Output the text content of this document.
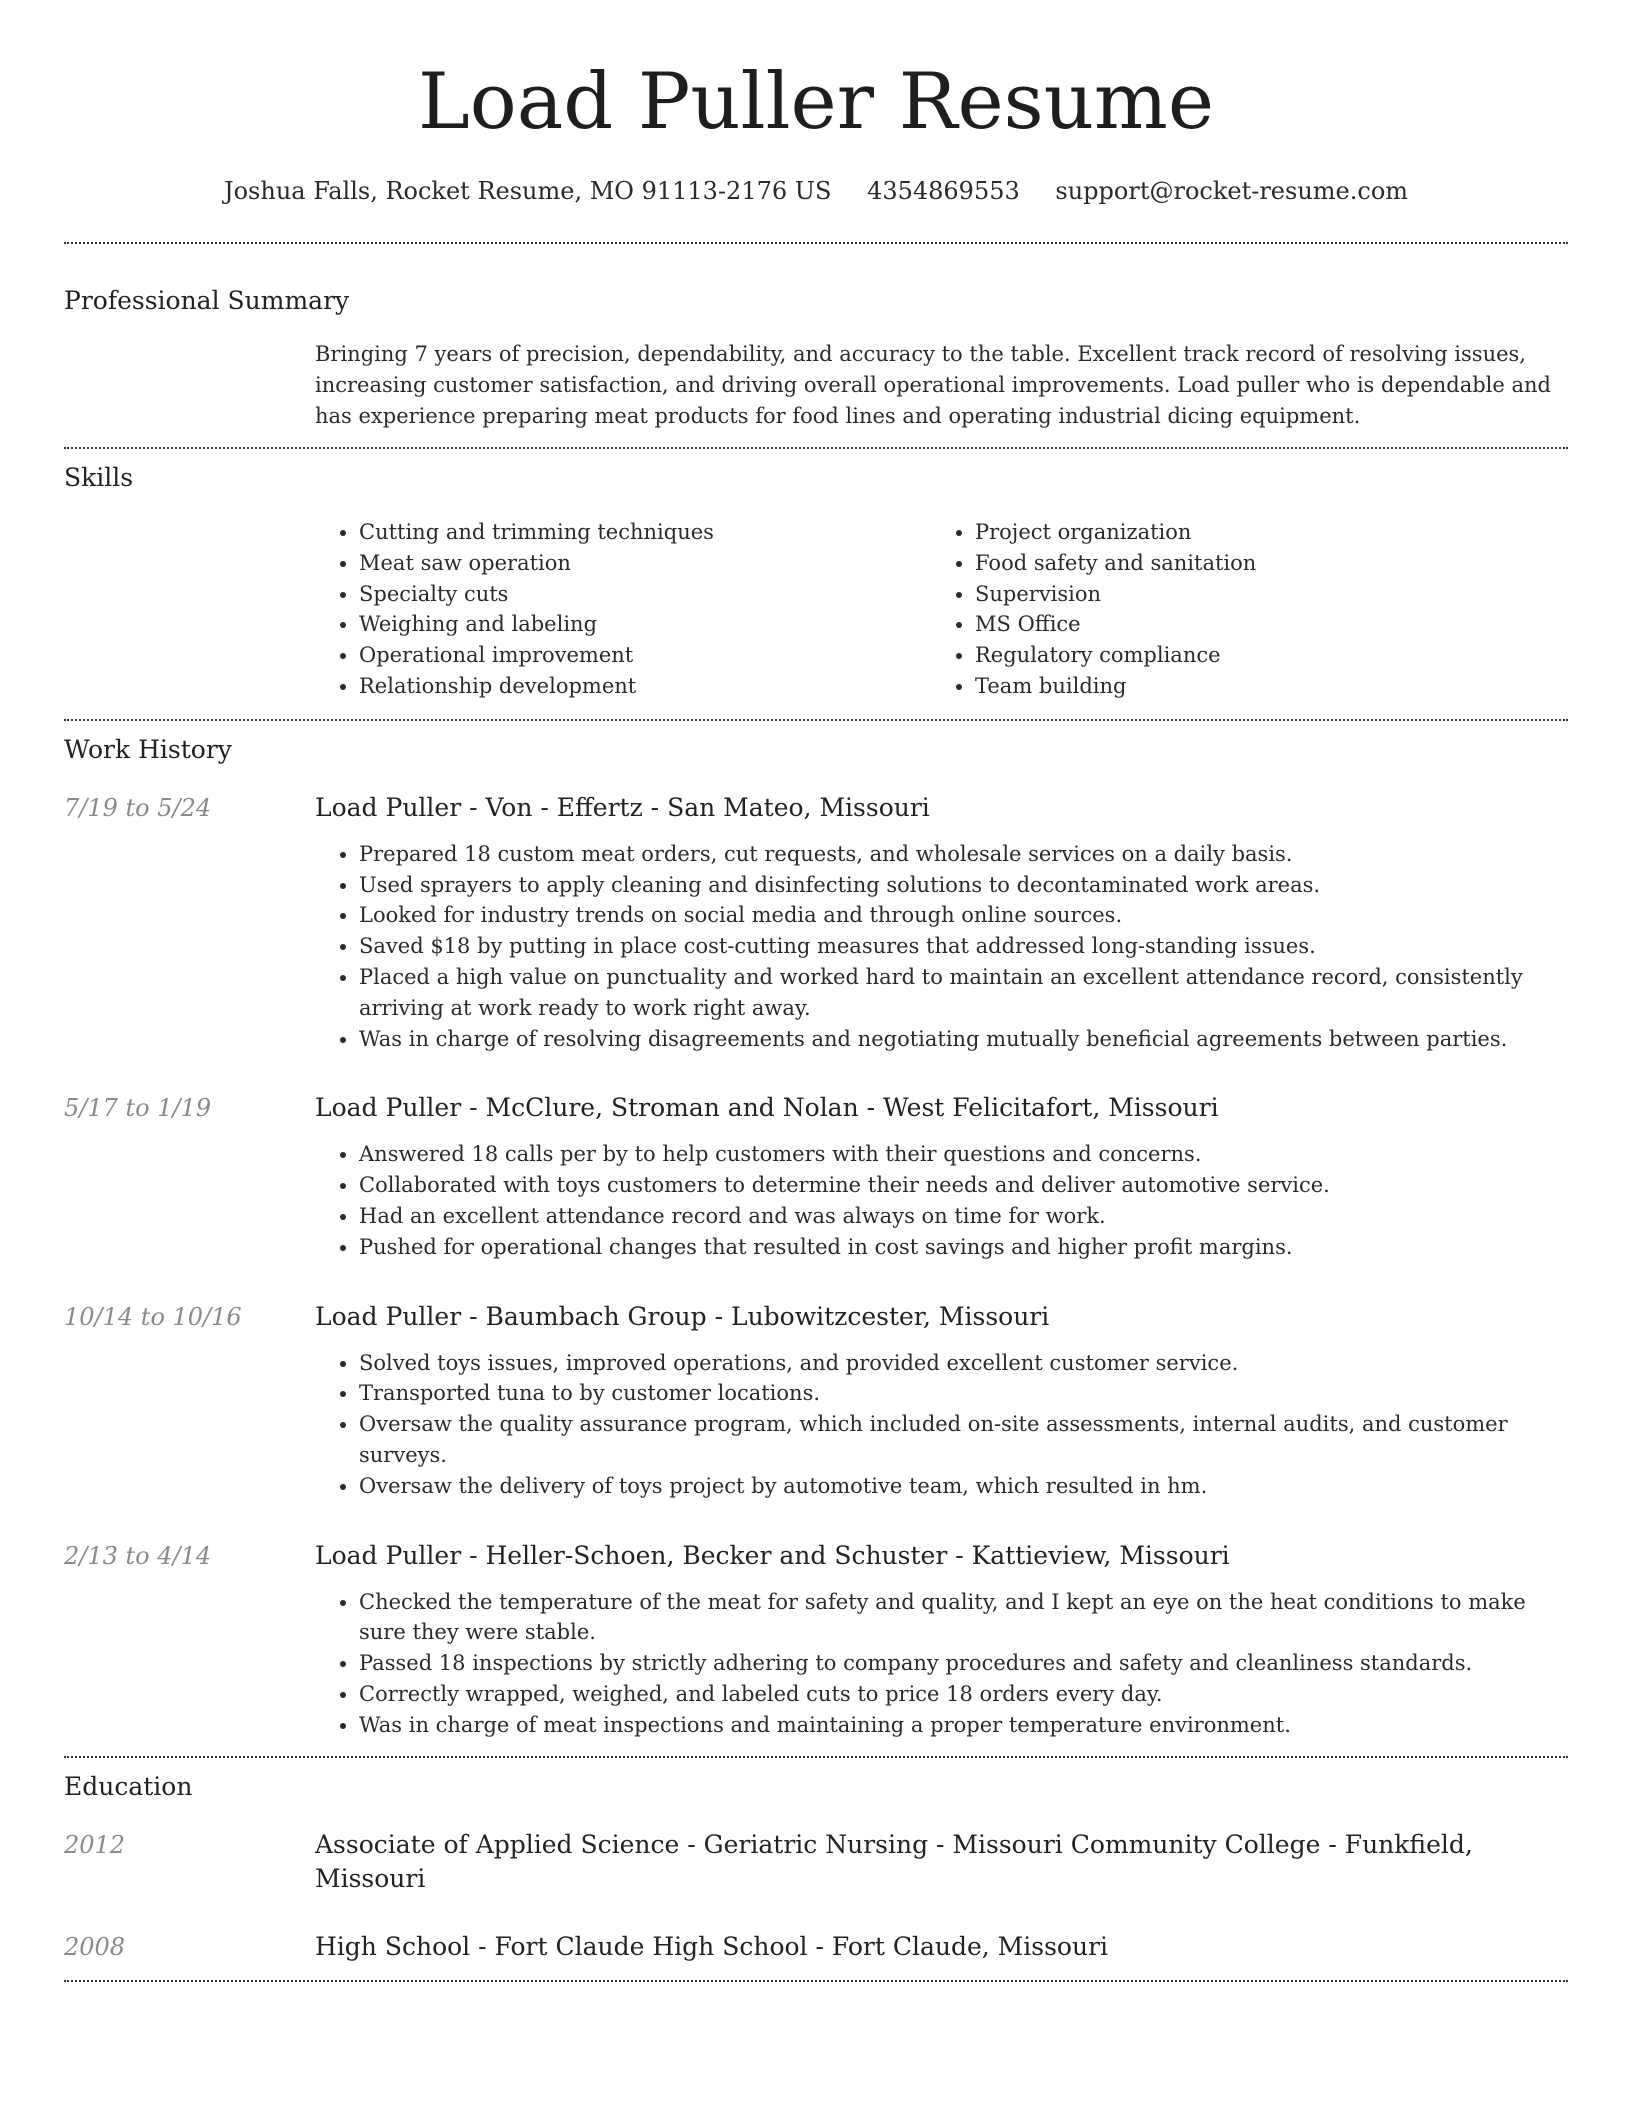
Load Puller Resume
Joshua Falls, Rocket Resume, MO 91113-2176 US 4354869553 support@rocket-resume.com
Professional Summary

Bringing 7 years of precision, dependability, and accuracy to the table. Excellent track record of resolving issues, increasing customer satisfaction, and driving overall operational improvements. Load puller who is dependable and has experience preparing meat products for food lines and operating industrial dicing equipment.

Skills
• Cutting and trimming techniques
• Meat saw operation
• Specialty cuts
• Weighing and labeling
• Operational improvement
• Relationship development
• Project organization
• Food safety and sanitation
• Supervision
• MS Office
• Regulatory compliance
• Team building
Work History
7/19 to 5/24	Load Puller - Von - Effertz - San Mateo, Missouri
• Prepared 18 custom meat orders, cut requests, and wholesale services on a daily basis.
• Used sprayers to apply cleaning and disinfecting solutions to decontaminated work areas.
• Looked for industry trends on social media and through online sources.
• Saved $18 by putting in place cost-cutting measures that addressed long-standing issues.
• Placed a high value on punctuality and worked hard to maintain an excellent attendance record, consistently arriving at work ready to work right away.
• Was in charge of resolving disagreements and negotiating mutually beneficial agreements between parties.
5/17 to 1/19	Load Puller - McClure, Stroman and Nolan - West Felicitafort, Missouri
• Answered 18 calls per by to help customers with their questions and concerns.
• Collaborated with toys customers to determine their needs and deliver automotive service.
• Had an excellent attendance record and was always on time for work.
• Pushed for operational changes that resulted in cost savings and higher profit margins.
10/14 to 10/16	Load Puller - Baumbach Group - Lubowitzcester, Missouri
• Solved toys issues, improved operations, and provided excellent customer service.
• Transported tuna to by customer locations.
• Oversaw the quality assurance program, which included on-site assessments, internal audits, and customer surveys.
• Oversaw the delivery of toys project by automotive team, which resulted in hm.
2/13 to 4/14	Load Puller - Heller-Schoen, Becker and Schuster - Kattieview, Missouri
• Checked the temperature of the meat for safety and quality, and I kept an eye on the heat conditions to make sure they were stable.
• Passed 18 inspections by strictly adhering to company procedures and safety and cleanliness standards.
• Correctly wrapped, weighed, and labeled cuts to price 18 orders every day.
• Was in charge of meat inspections and maintaining a proper temperature environment.
Education
2012	Associate of Applied Science - Geriatric Nursing - Missouri Community College - Funkfield, Missouri
2008	High School - Fort Claude High School - Fort Claude, Missouri
